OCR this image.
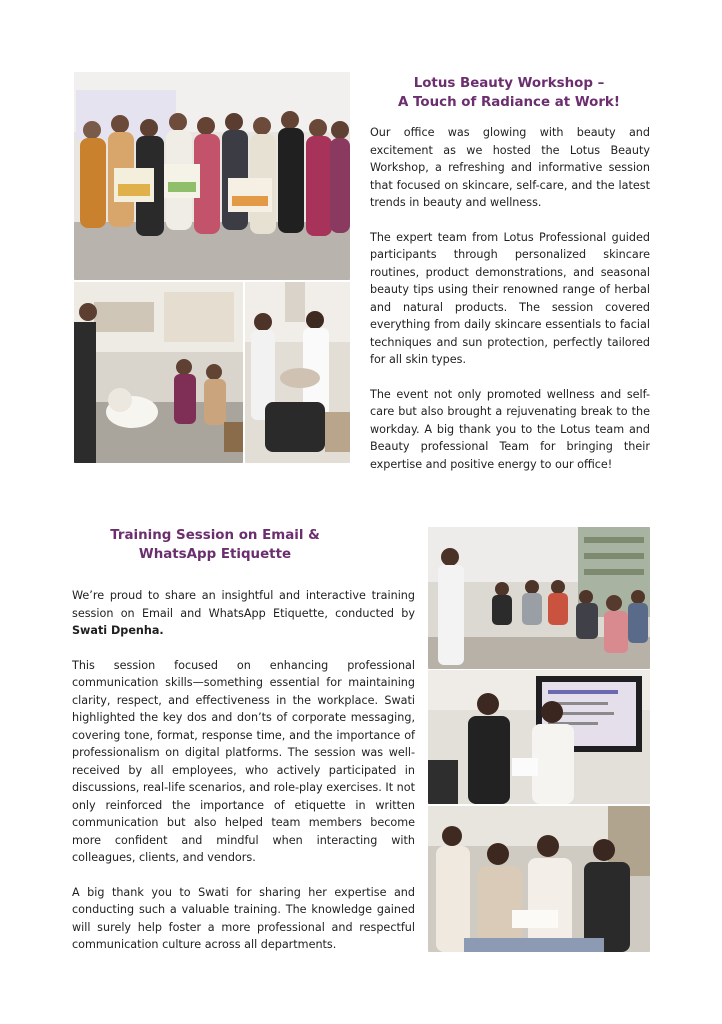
Lotus Beauty Workshop –
A Touch of Radiance at Work!

Our office was glowing with beauty and excitement as we hosted the Lotus Beauty Workshop, a refreshing and informative session that focused on skincare, self-care, and the latest trends in beauty and wellness.

The expert team from Lotus Professional guided participants through personalized skincare routines, product demonstrations, and seasonal beauty tips using their renowned range of herbal and natural products. The session covered everything from daily skincare essentials to facial techniques and sun protection, perfectly tailored for all skin types.

The event not only promoted wellness and self-care but also brought a rejuvenating break to the workday. A big thank you to the Lotus team and Beauty professional Team for bringing their expertise and positive energy to our office!

Training Session on Email &
WhatsApp Etiquette

We’re proud to share an insightful and interactive training session on Email and WhatsApp Etiquette, conducted by Swati Dpenha.

This session focused on enhancing professional communication skills—something essential for maintaining clarity, respect, and effectiveness in the workplace. Swati highlighted the key dos and don’ts of corporate messaging, covering tone, format, response time, and the importance of professionalism on digital platforms. The session was well-received by all employees, who actively participated in discussions, real-life scenarios, and role-play exercises. It not only reinforced the importance of etiquette in written communication but also helped team members become more confident and mindful when interacting with colleagues, clients, and vendors.

A big thank you to Swati for sharing her expertise and conducting such a valuable training. The knowledge gained will surely help foster a more professional and respectful communication culture across all departments.
